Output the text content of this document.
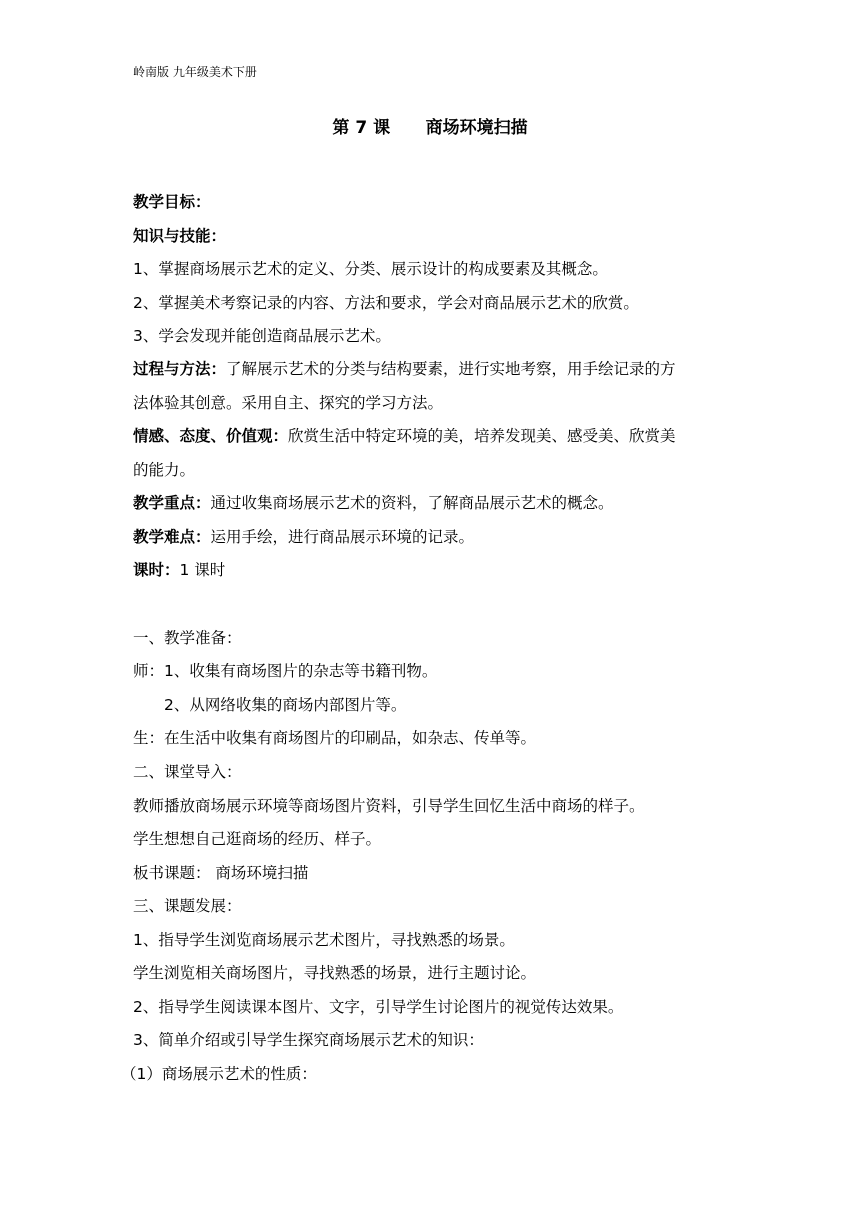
岭南版 九年级美术下册
第 7 课      商场环境扫描
教学目标：
知识与技能：
1、掌握商场展示艺术的定义、分类、展示设计的构成要素及其概念。
2、掌握美术考察记录的内容、方法和要求，学会对商品展示艺术的欣赏。
3、学会发现并能创造商品展示艺术。
过程与方法：了解展示艺术的分类与结构要素，进行实地考察，用手绘记录的方
法体验其创意。采用自主、探究的学习方法。
情感、态度、价值观：欣赏生活中特定环境的美，培养发现美、感受美、欣赏美
的能力。
教学重点：通过收集商场展示艺术的资料，了解商品展示艺术的概念。
教学难点：运用手绘，进行商品展示环境的记录。
课时：1 课时
一、教学准备：
师：1、收集有商场图片的杂志等书籍刊物。
2、从网络收集的商场内部图片等。
生：在生活中收集有商场图片的印刷品，如杂志、传单等。
二、课堂导入：
教师播放商场展示环境等商场图片资料，引导学生回忆生活中商场的样子。
学生想想自己逛商场的经历、样子。
板书课题： 商场环境扫描
三、课题发展：
1、指导学生浏览商场展示艺术图片，寻找熟悉的场景。
学生浏览相关商场图片，寻找熟悉的场景，进行主题讨论。
2、指导学生阅读课本图片、文字，引导学生讨论图片的视觉传达效果。
3、简单介绍或引导学生探究商场展示艺术的知识：
（1）商场展示艺术的性质：
